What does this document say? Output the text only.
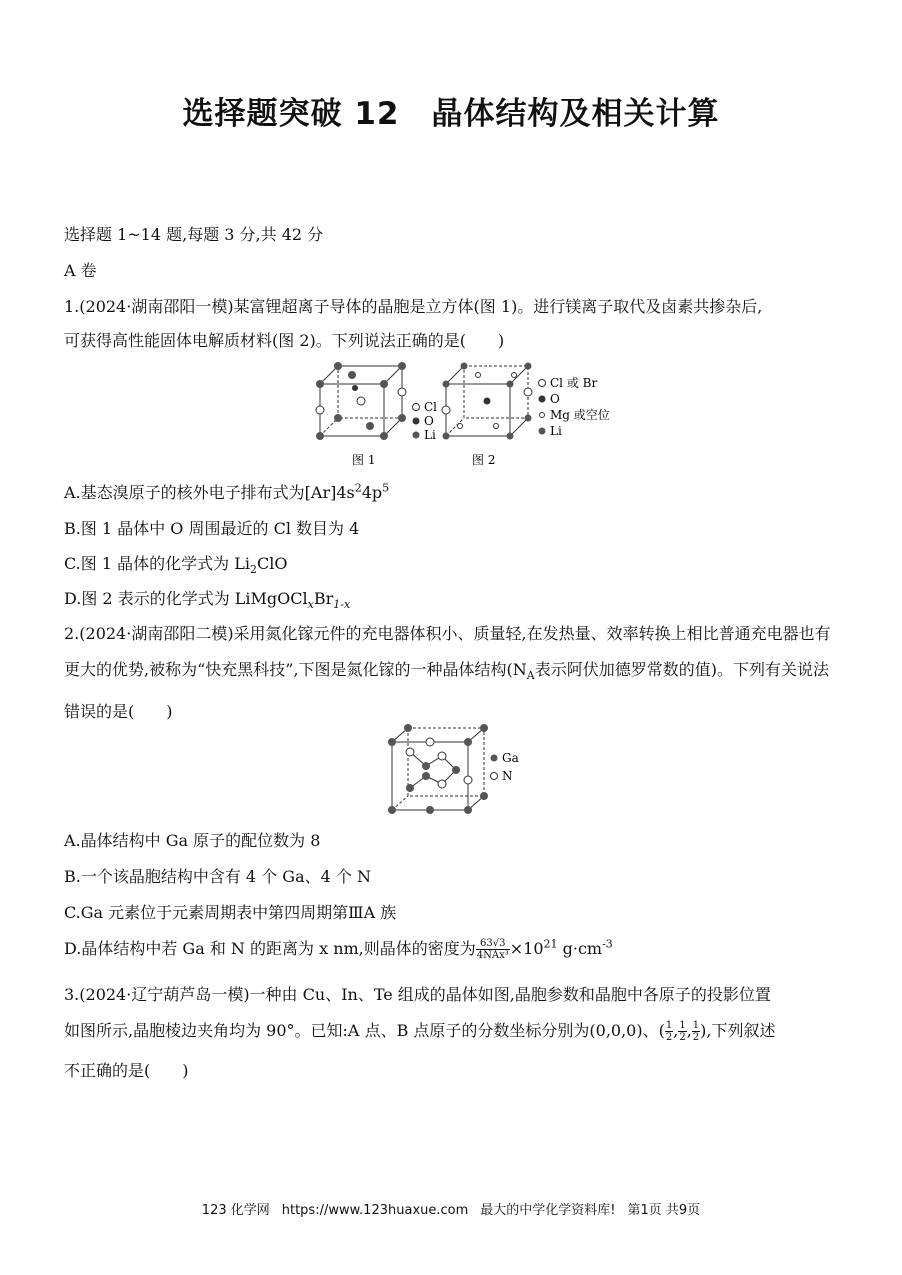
选择题突破 12　晶体结构及相关计算
选择题 1~14 题,每题 3 分,共 42 分
A 卷
1.(2024·湖南邵阳一模)某富锂超离子导体的晶胞是立方体(图 1)。进行镁离子取代及卤素共掺杂后,
可获得高性能固体电解质材料(图 2)。下列说法正确的是(　　)
Cl
O
Li
图 1
Cl 或 Br
O
Mg 或空位
Li
图 2
A.基态溴原子的核外电子排布式为$[Ar]4s^24p^5$
B.图 1 晶体中 O 周围最近的 Cl 数目为 4
C.图 1 晶体的化学式为 $Li_2ClO$
D.图 2 表示的化学式为 $LiMgOCl_xBr_{1-x}$
2.(2024·湖南邵阳二模)采用氮化镓元件的充电器体积小、质量轻,在发热量、效率转换上相比普通充电器也有更大的优势,被称为“快充黑科技”,下图是氮化镓的一种晶体结构($N_A$表示阿伏加德罗常数的值)。下列有关说法错误的是(　　)
Ga
N
A.晶体结构中 Ga 原子的配位数为 8
B.一个该晶胞结构中含有 4 个 Ga、4 个 N
C.Ga 元素位于元素周期表中第四周期第ⅢA 族
D.晶体结构中若 Ga 和 N 的距离为 x nm,则晶体的密度为 $\frac{63√3}{\text{4NAx³}} \times 10^{21}$ $g\cdot cm^{-3}$
3.(2024·辽宁葫芦岛一模)一种由 Cu、In、Te 组成的晶体如图,晶胞参数和晶胞中各原子的投影位置
如图所示,晶胞棱边夹角均为 90°。已知:A 点、B 点原子的分数坐标分别为(0,0,0)、( $\frac{1}{2}$ , $\frac{1}{2}$ , $\frac{1}{2}$ ),下列叙述
不正确的是(　　)
123 化学网 https://www.123huaxue.com 最大的中学化学资料库! 第1页 共9页
